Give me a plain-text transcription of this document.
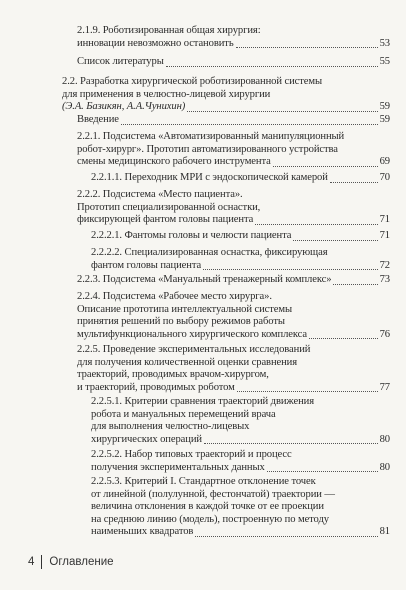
2.1.9. Роботизированная общая хирургия:
инновации невозможно остановить	53
Список литературы	55
2.2. Разработка хирургической роботизированной системы
для применения в челюстно-лицевой хирургии
(Э.А. Базикян, А.А.Чунихин)	59
Введение	59
2.2.1. Подсистема «Автоматизированный манипуляционный
робот-хирург». Прототип автоматизированного устройства
смены медицинского рабочего инструмента	69
2.2.1.1. Переходник МРИ с эндоскопической камерой	70
2.2.2. Подсистема «Место пациента».
Прототип специализированной оснастки,
фиксирующей фантом головы пациента	71
2.2.2.1. Фантомы головы и челюсти пациента	71
2.2.2.2. Специализированная оснастка, фиксирующая
фантом головы пациента	72
2.2.3. Подсистема «Мануальный тренажерный комплекс»	73
2.2.4. Подсистема «Рабочее место хирурга».
Описание прототипа интеллектуальной системы
принятия решений по выбору режимов работы
мультифункционального хирургического комплекса	76
2.2.5. Проведение экспериментальных исследований
для получения количественной оценки сравнения
траекторий, проводимых врачом-хирургом,
и траекторий, проводимых роботом	77
2.2.5.1. Критерии сравнения траекторий движения
робота и мануальных перемещений врача
для выполнения челюстно-лицевых
хирургических операций	80
2.2.5.2. Набор типовых траекторий и процесс
получения экспериментальных данных	80
2.2.5.3. Критерий I. Стандартное отклонение точек
от линейной (полулунной, фестончатой) траектории —
величина отклонения в каждой точке от ее проекции
на среднюю линию (модель), построенную по методу
наименьших квадратов	81
4 Оглавление
